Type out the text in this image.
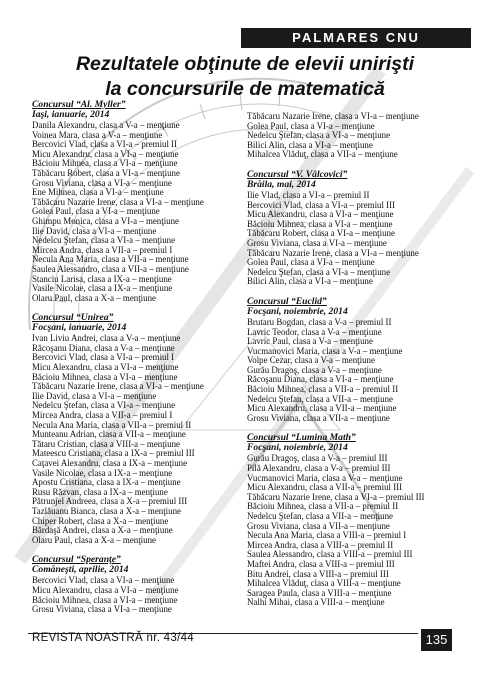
PALMARES CNU
Rezultatele obţinute de elevii unirişti
la concursurile de matematică

Concursul “Al. Myller”

Iaşi, ianuarie, 2014

Danila Alexandru, clasa a V-a – menţiune

Voinea Mara, clasa a V-a – menţiune

Bercovici Vlad, clasa a VI-a – premiul II

Micu Alexandru, clasa a VI-a – menţiune

Băcioiu Mihnea, clasa a VI-a – menţiune

Tăbăcaru Robert, clasa a VI-a – menţiune

Grosu Viviana, clasa a VI-a – menţiune

Ene Mihnea, clasa a VI-a – menţiune

Tăbăcaru Nazarie Irene, clasa a VI-a – menţiune

Golea Paul, clasa a VI-a – menţiune

Ghimpu Monica, clasa a VI-a – menţiune

Ilie David, clasa a VI-a – menţiune

Nedelcu Ştefan, clasa a VI-a – menţiune

Mircea Andra, clasa a VII-a – premiul I

Necula Ana Maria, clasa a VII-a – menţiune

Saulea Alessandro, clasa a VII-a – menţiune

Stanciu Larisa, clasa a IX-a – menţiune

Vasile Nicolae, clasa a IX-a – menţiune

Olaru Paul, clasa a X-a – menţiune

Concursul “Unirea”

Focşani, ianuarie, 2014

Ivan Liviu Andrei, clasa a V-a – menţiune

Răcoşanu Diana, clasa a V-a – menţiune

Bercovici Vlad, clasa a VI-a – premiul I

Micu Alexandru, clasa a VI-a – menţiune

Băcioiu Mihnea, clasa a VI-a – menţiune

Tăbăcaru Nazarie Irene, clasa a VI-a – menţiune

Ilie David, clasa a VI-a – menţiune

Nedelcu Ştefan, clasa a VI-a – menţiune

Mircea Andra, clasa a VII-a – premiul I

Necula Ana Maria, clasa a VII-a – premiul II

Munteanu Adrian, clasa a VII-a – menţiune

Tătaru Cristian, clasa a VIII-a – menţiune

Mateescu Cristiana, clasa a IX-a – premiul III

Caţavei Alexandru, clasa a IX-a – menţiune

Vasile Nicolae, clasa a IX-a – menţiune

Apostu Cristiana, clasa a IX-a – menţiune

Rusu Răzvan, clasa a IX-a – menţiune

Pătrunjel Andreea, clasa a X-a – premiul III

Tazlăuanu Bianca, clasa a X-a – menţiune

Chiper Robert, clasa a X-a – menţiune

Bărdaşă Andrei, clasa a X-a – menţiune

Olaru Paul, clasa a X-a – menţiune

Concursul “Speranţe”

Comăneşti, aprilie, 2014

Bercovici Vlad, clasa a VI-a – menţiune

Micu Alexandru, clasa a VI-a – menţiune

Băcioiu Mihnea, clasa a VI-a – menţiune

Grosu Viviana, clasa a VI-a – menţiune

Tăbăcaru Nazarie Irene, clasa a VI-a – menţiune

Golea Paul, clasa a VI-a – menţiune

Nedelcu Ştefan, clasa a VI-a – menţiune

Bilici Alin, clasa a VI-a – menţiune

Mihalcea Vlăduţ, clasa a VII-a – menţiune

Concursul “V. Vâlcovici”

Brăila, mai, 2014

Ilie Vlad, clasa a VI-a – premiul II

Bercovici Vlad, clasa a VI-a – premiul III

Micu Alexandru, clasa a VI-a – menţiune

Băcioiu Mihnea, clasa a VI-a – menţiune

Tăbăcaru Robert, clasa a VI-a – menţiune

Grosu Viviana, clasa a VI-a – menţiune

Tăbăcaru Nazarie Irene, clasa a VI-a – menţiune

Golea Paul, clasa a VI-a – menţiune

Nedelcu Ştefan, clasa a VI-a – menţiune

Bilici Alin, clasa a VI-a – menţiune

Concursul “Euclid”

Focşani, noiembrie, 2014

Brutaru Bogdan, clasa a V-a – premiul II

Lavric Teodor, clasa a V-a – menţiune

Lavric Paul, clasa a V-a – menţiune

Vucmanovici Maria, clasa a V-a – menţiune

Volpe Cezar, clasa a V-a – menţiune

Gurău Dragoş, clasa a V-a – menţiune

Răcoşanu Diana, clasa a VI-a – menţiune

Băcioiu Mihnea, clasa a VII-a – premiul II

Nedelcu Ştefan, clasa a VII-a – menţiune

Micu Alexandru, clasa a VII-a – menţiune

Grosu Viviana, clasa a VII-a – menţiune

Concursul “Lumina Math”

Focşani, noiembrie, 2014

Gurău Dragoş, clasa a V-a – premiul III

Pilă Alexandru, clasa a V-a – premiul III

Vucmanovici Maria, clasa a V-a – menţiune

Micu Alexandru, clasa a VII-a – premiul III

Tăbăcaru Nazarie Irene, clasa a VI-a – premiul III

Băcioiu Mihnea, clasa a VII-a – premiul II

Nedelcu Ştefan, clasa a VII-a – menţiune

Grosu Viviana, clasa a VII-a – menţiune

Necula Ana Maria, clasa a VIII-a – premiul I

Mircea Andra, clasa a VIII-a – premiul II

Saulea Alessandro, clasa a VIII-a – premiul III

Maftei Andra, clasa a VIII-a – premiul III

Bitu Andrei, clasa a VIII-a – premiul III

Mihalcea Vlăduţ, clasa a VIII-a – menţiune

Saragea Paula, clasa a VIII-a – menţiune

Nalhi Mihai, clasa a VIII-a – menţiune

REVISTA NOASTRĂ nr. 43/44	135
